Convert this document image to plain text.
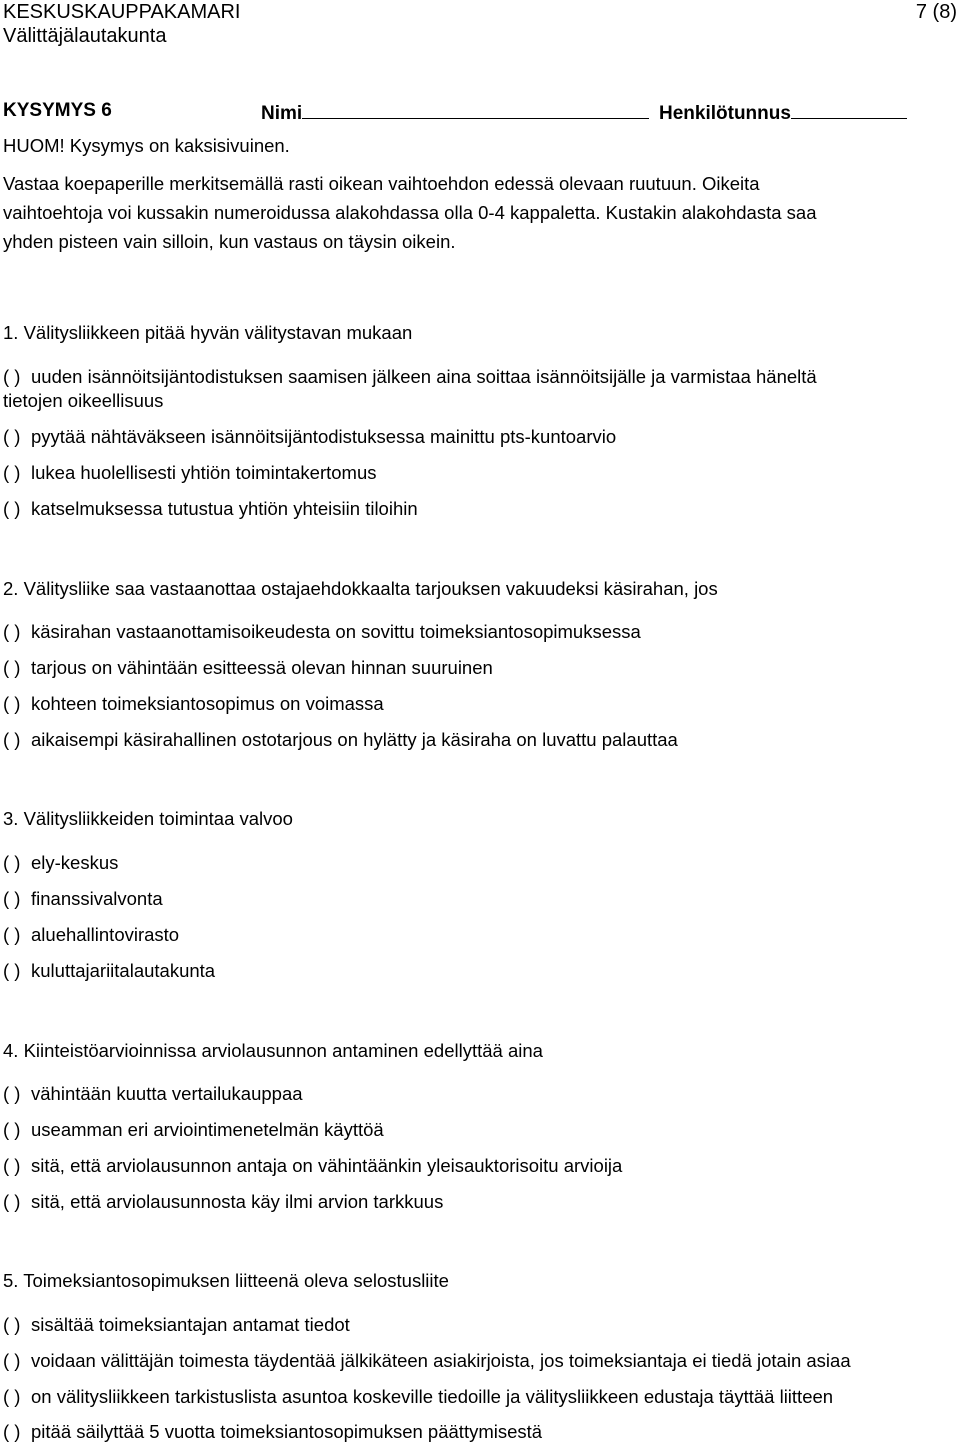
KESKUSKAUPPAKAMARI	7 (8)
Välittäjälautakunta
KYSYMYS 6	Nimi	Henkilötunnus
HUOM! Kysymys on kaksisivuinen.
Vastaa koepaperille merkitsemällä rasti oikean vaihtoehdon edessä olevaan ruutuun. Oikeita
vaihtoehtoja voi kussakin numeroidussa alakohdassa olla 0-4 kappaletta. Kustakin alakohdasta saa
yhden pisteen vain silloin, kun vastaus on täysin oikein.
1. Välitysliikkeen pitää hyvän välitystavan mukaan
( ) uuden isännöitsijäntodistuksen saamisen jälkeen aina soittaa isännöitsijälle ja varmistaa häneltä
tietojen oikeellisuus
( ) pyytää nähtäväkseen isännöitsijäntodistuksessa mainittu pts-kuntoarvio
( ) lukea huolellisesti yhtiön toimintakertomus
( ) katselmuksessa tutustua yhtiön yhteisiin tiloihin
2. Välitysliike saa vastaanottaa ostajaehdokkaalta tarjouksen vakuudeksi käsirahan, jos
( ) käsirahan vastaanottamisoikeudesta on sovittu toimeksiantosopimuksessa
( ) tarjous on vähintään esitteessä olevan hinnan suuruinen
( ) kohteen toimeksiantosopimus on voimassa
( ) aikaisempi käsirahallinen ostotarjous on hylätty ja käsiraha on luvattu palauttaa
3. Välitysliikkeiden toimintaa valvoo
( ) ely-keskus
( ) finanssivalvonta
( ) aluehallintovirasto
( ) kuluttajariitalautakunta
4. Kiinteistöarvioinnissa arviolausunnon antaminen edellyttää aina
( ) vähintään kuutta vertailukauppaa
( ) useamman eri arviointimenetelmän käyttöä
( ) sitä, että arviolausunnon antaja on vähintäänkin yleisauktorisoitu arvioija
( ) sitä, että arviolausunnosta käy ilmi arvion tarkkuus
5. Toimeksiantosopimuksen liitteenä oleva selostusliite
( ) sisältää toimeksiantajan antamat tiedot
( ) voidaan välittäjän toimesta täydentää jälkikäteen asiakirjoista, jos toimeksiantaja ei tiedä jotain asiaa
( ) on välitysliikkeen tarkistuslista asuntoa koskeville tiedoille ja välitysliikkeen edustaja täyttää liitteen
( ) pitää säilyttää 5 vuotta toimeksiantosopimuksen päättymisestä
